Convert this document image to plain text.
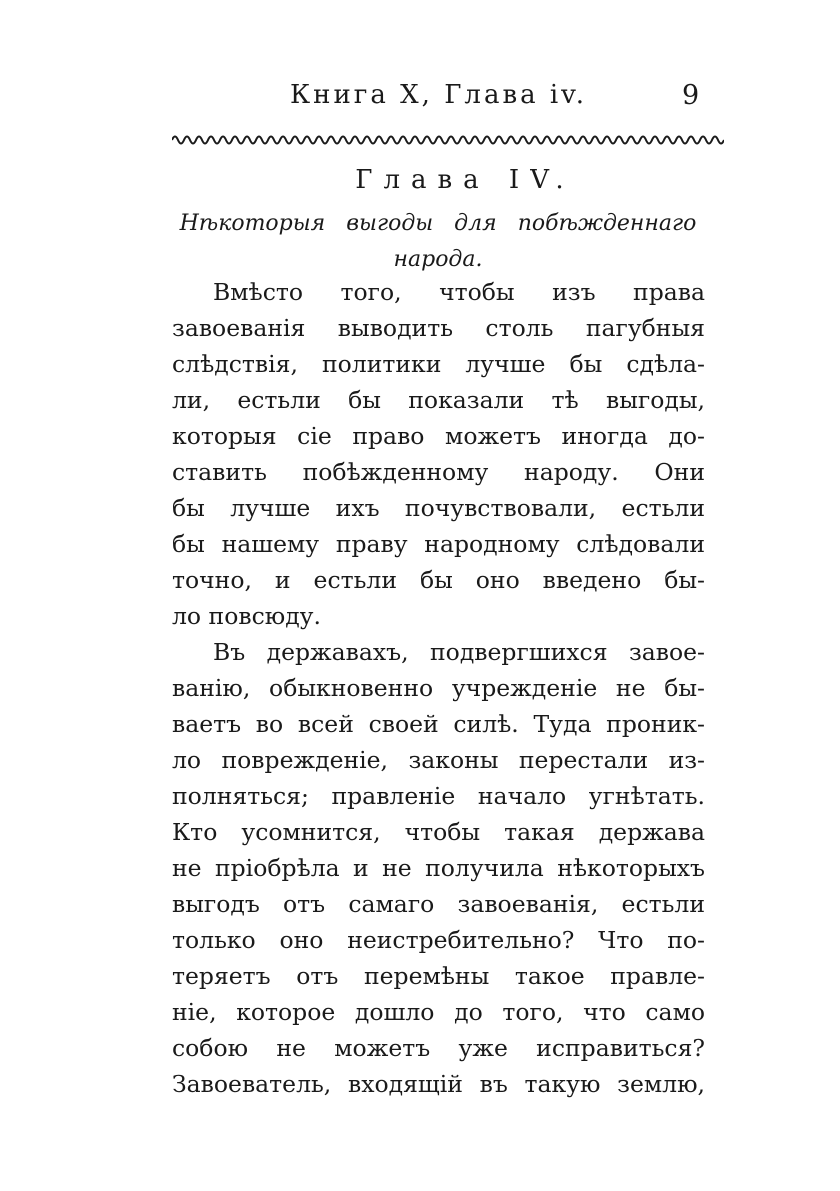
Книга X, Глава iv.	9
Глава IV.
Нѣкоторыя выгоды для побѣжденнаго
народа.
Вмѣсто того, чтобы изъ права
завоеванія выводить столь пагубныя
слѣдствія, политики лучше бы сдѣла-
ли, естьли бы показали тѣ выгоды,
которыя сіе право можетъ иногда до-
ставить побѣжденному народу. Они
бы лучше ихъ почувствовали, естьли
бы нашему праву народному слѣдовали
точно, и естьли бы оно введено бы-
ло повсюду.
Въ державахъ, подвергшихся завое-
ванію, обыкновенно учрежденіе не бы-
ваетъ во всей своей силѣ. Туда проник-
ло поврежденіе, законы перестали из-
полняться; правленіе начало угнѣтать.
Кто усомнится, чтобы такая держава
не пріобрѣла и не получила нѣкоторыхъ
выгодъ отъ самаго завоеванія, естьли
только оно неистребительно? Что по-
теряетъ отъ перемѣны такое правле-
ніе, которое дошло до того, что само
собою не можетъ уже исправиться?
Завоеватель, входящій въ такую землю,
